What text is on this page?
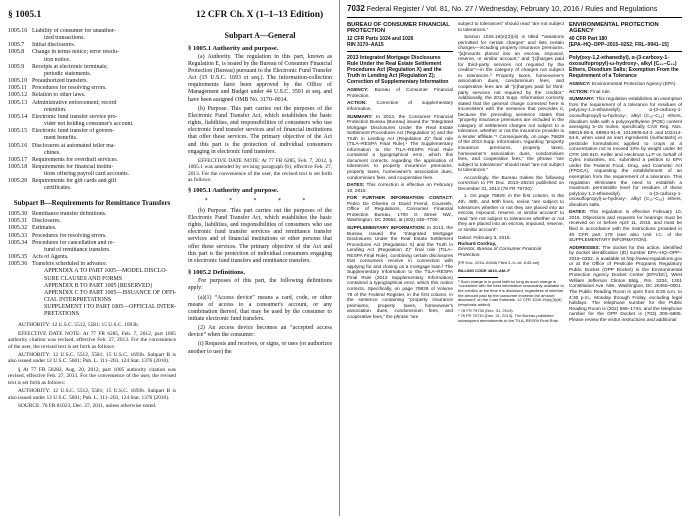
§ 1005.1	12 CFR Ch. X (1–1–13 Edition)
1005.16 Liability of consumer for unauthor-
ized transactions.
1005.7	Initial disclosures.
1005.8	Change in terms notice; error resolu-
tion notice.
1005.9	Receipts at electronic terminals;
periodic statements.
1005.10 Preauthorized transfers.
1005.11 Procedures for resolving errors.
1005.12 Relation to other laws.
1005.13 Administrative enforcement; record
retention.
1005.14 Electronic fund transfer service pro-
vider not holding consumer's account.
1005.15 Electronic fund transfer of govern-
ment benefits.
1005.16 Disclosures at automated teller ma-
chines.
1005.17 Requirements for overdraft services.
1005.18 Requirements for financial institu-
tions offering payroll card accounts.
1005.20 Requirements for gift cards and gift
certificates.
Subpart B—Requirements for Remittance Transfers
1005.30 Remittance transfer definitions.
1005.31 Disclosures.
1005.32 Estimates.
1005.33 Procedures for resolving errors.
1005.34 Procedures for cancellation and re-
fund of remittance transfers.
1005.35 Acts of Agents.
1005.36 Transfers scheduled in advance.
APPENDIX A TO PART 1005—MODEL DISCLO-
SURE CLAUSES AND FORMS
APPENDIX B TO PART 1005 [RESERVED]
APPENDIX C TO PART 1005—ISSUANCE OF OFFI-
CIAL INTERPRETATIONS
SUPPLEMENT I TO PART 1005—OFFICIAL INTER-
PRETATIONS

AUTHORITY: 12 U.S.C. 5512, 5581; 15 U.S.C. 1693b.

EFFECTIVE DATE NOTE: At 77 FR 6285, Feb. 7, 2012, part 1005 authority citation was revised, effective Feb. 27, 2013. For the convenience of the user, the revised text is set forth as follows:

AUTHORITY: 12 U.S.C. 5512, 5581; 15 U.S.C. 1693b. Subpart B is also issued under 12 U.S.C. 5601; Pub. L. 111–203, 124 Stat. 1376 (2010).

§ At 77 FR 50282, Aug. 20, 2012, part 1005 authority citation was revised, effective Feb. 27, 2013. For the convenience of the user, the revised text is set forth as follows:

AUTHORITY: 12 U.S.C. 5512, 5581; 15 U.S.C. 1693b. Subpart B is also issued under 12 U.S.C. 5601; Pub. L. 111–203, 124 Stat. 1376 (2010).

SOURCE: 76 FR 81023, Dec. 27, 2011, unless otherwise noted.

Subpart A—General
§ 1005.1 Authority and purpose.

(a) Authority. The regulation in this part, known as Regulation E, is issued by the Bureau of Consumer Financial Protection (Bureau) pursuant to the Electronic Fund Transfer Act (15 U.S.C. 1693 et seq.). The information-collection requirements have been approved by the Office of Management and Budget under 44 U.S.C. 3501 et seq. and have been assigned OMB No. 3170–0014.

(b) Purpose. This part carries out the purposes of the Electronic Fund Transfer Act, which establishes the basic rights, liabilities, and responsibilities of consumers who use electronic fund transfer services and of financial institutions that offer these services. The primary objective of the Act and this part is the protection of individual consumers engaging in electronic fund transfers.

EFFECTIVE DATE NOTE: At 77 FR 6285, Feb. 7, 2012, § 1005.1 was amended by revising paragraph (b), effective Feb. 27, 2013. For the convenience of the user, the revised text is set forth as follows:

§ 1005.1 Authority and purpose.
* * * * *

(b) Purpose. This part carries out the purposes of the Electronic Fund Transfer Act, which establishes the basic rights, liabilities, and responsibilities of consumers who use electronic fund transfer services and remittance transfer services and of financial institutions or other persons that offer these services. The primary objective of the Act and this part is the protection of individual consumers engaging in electronic fund transfers and remittance transfers.

§ 1005.2 Definitions.

For purposes of this part, the following definitions apply:

(a)(1) “Access device” means a card, code, or other means of access to a consumer's account, or any combination thereof, that may be used by the consumer to initiate electronic fund transfers.

(2) An access device becomes an “accepted access device” when the consumer:

(i) Requests and receives, or signs, or uses (or authorizes another to use) the

7032 Federal Register / Vol. 81, No. 27 / Wednesday, February 10, 2016 / Rules and Regulations
BUREAU OF CONSUMER FINANCIAL PROTECTION
12 CFR Parts 1024 and 1026
RIN 3170–AA15
2013 Integrated Mortgage Disclosures Rule Under the Real Estate Settlement Procedures Act (Regulation X) and the Truth in Lending Act (Regulation Z); Correction of Supplementary Information

AGENCY: Bureau of Consumer Financial Protection.

ACTION: Correction of supplementary information.

SUMMARY: In 2013, the Consumer Financial Protection Bureau (Bureau) issued the “Integrated Mortgage Disclosures Under the Real Estate Settlement Procedures Act (Regulation X) and the Truth in Lending Act (Regulation Z)” final rule (TILA–RESPA Final Rule).¹ The Supplementary Information to the TILA–RESPA Final Rule contained a typographical error, which this document corrects, regarding the application of tolerances to property insurance premiums, property taxes, homeowner's association dues, condominium fees, and cooperative fees.

DATES: This correction is effective on February 10, 2016.

FOR FURTHER INFORMATION CONTACT: Pedro De Oliveira or David Friend, Counsels, Office of Regulations, Consumer Financial Protection Bureau, 1700 G Street NW., Washington, DC 20552, at (202) 435–7700.

SUPPLEMENTARY INFORMATION: In 2013, the Bureau issued the “Integrated Mortgage Disclosures Under the Real Estate Settlement Procedures Act (Regulation X) and the Truth in Lending Act (Regulation Z)” final rule (TILA–RESPA Final Rule), combining certain disclosures that consumers receive in connection with applying for and closing on a mortgage loan.² The Supplementary Information to the TILA–RESPA Final Rule (2013 Supplementary Information) contained a typographical error, which this notice corrects. Specifically, on page 79829 of Volume 78 of the Federal Register, in the first column, in the sentence containing “property insurance premiums, property taxes, homeowner's association dues, condominium fees, and cooperative fees,” the phrase “are

subject to tolerances” should read “are not subject to tolerances.”

Section 1026.19(e)(3)(iii) is titled “Variations permitted for certain charges” and lists certain charges—including property insurance premiums, “[a]mounts placed into an escrow, impound, reserve, or similar account,” and “[c]harges paid for third-party services not required by the creditor”—in the category of charges not subject to tolerances.³ Property taxes, homeowner's association dues, condominium fees, and cooperative fees are all “[c]harges paid for third-party services not required by the creditor.” Additionally, the 2013 Supp. Information correctly stated that the general charge corrected here is inconsistent with the sentence that precedes it, because the preceding sentence states that “property insurance premiums are included in the category of settlement charges not subject to a tolerance, whether or not the insurance provider is a lender affiliate.”⁴ Consequently, on page 79829 of the 2013 Supp. Information, regarding “property insurance premiums, property taxes, homeowner's association dues, condominium fees, and cooperative fees,” the phrase “are subject to tolerances” should read “are not subject to tolerances.”

Accordingly, the Bureau makes the following correction to FR Doc. 2013–28210 published on December 31, 2013 (78 FR 79730):

1. On page 79829, in the first column, in the 4th, 49th, and 50th lines, revise “are subject to tolerances whether or not they are placed into an escrow, impound, reserve, or similar account” to read “are not subject to tolerances whether or not they are placed into an escrow, impound, reserve, or similar account”.

Dated: February 3, 2016.
Richard Cordray,
Director, Bureau of Consumer Financial Protection.
[FR Doc. 2016–02606 Filed 2–9–16; 8:45 am]
BILLING CODE 4810–AM–P

³ Such charge is in good faith so long as such charge is “consistent with the best information reasonably available to the creditor at the time it is disclosed, regardless of whether the amount paid by the consumer exceeds the amount disclosed” on the Loan Estimate. 12 CFR 1026.19(e)(3)(iii) (emphasis added).

⁴ 78 FR 79730 (Dec. 31, 2013).

² 78 FR 79730 (Dec. 31, 2013). The Bureau published subsequent amendments to the TILA–RESPA Final Rule.

ENVIRONMENTAL PROTECTION AGENCY
40 CFR Part 180
[EPA–HQ–OPP–2015–0252; FRL–9941–15]
Poly(oxy-1,2-ethanediyl), α-(3-carboxy-1-oxosulfopropyl)-ω-hydroxy-, alkyl (C₁₀–C₁₆) Ethers, Disodium Salts; Exemption From the Requirement of a Tolerance

AGENCY: Environmental Protection Agency (EPA).

ACTION: Final rule.

SUMMARY: This regulation establishes an exemption from the requirement of a tolerance for residues of poly(oxy-1,2-ethanediyl), α-(3-carboxy-1-oxosulfopropyl)-ω-hydroxy-, alkyl (C₁₀–C₁₆) ethers, disodium salts with a polyoxyethylene (POE) content averaging 5–15 moles, specifically CAS Reg. Nos. 68815-56-5, 68954-91-6, 1013906-64-3, and 102414-54-6, when used as inert ingredients (surfactants) in pesticide formulations applied to crops at a concentration not to exceed 10% by weight under 40 CFR 180.910. Keller and Heckman LLP on behalf of Cytec Industries, Inc. submitted a petition to EPA under the Federal Food, Drug, and Cosmetic Act (FFDCA), requesting the establishment of an exemption from the requirement of a tolerance. This regulation eliminates the need to establish a maximum permissible level for residues of these poly(oxy-1,2-ethanediyl), α-(3-carboxy-1-oxosulfopropyl)-ω-hydroxy-, alkyl (C₁₀–C₁₆) ethers, disodium salts.

DATES: This regulation is effective February 10, 2016. Objections and requests for hearings must be received on or before April 11, 2016, and must be filed in accordance with the instructions provided in 40 CFR part 178 (see also Unit I.C. of the SUPPLEMENTARY INFORMATION).

ADDRESSES: The docket for this action, identified by docket identification (ID) number EPA–HQ–OPP–2015–0252, is available at http://www.regulations.gov or at the Office of Pesticide Programs Regulatory Public Docket (OPP Docket) in the Environmental Protection Agency Docket Center (EPA/DC), West William Jefferson Clinton Bldg., Rm. 3334, 1301 Constitution Ave. NW., Washington, DC 20460–0001. The Public Reading Room is open from 8:30 a.m. to 4:30 p.m., Monday through Friday, excluding legal holidays. The telephone number for the Public Reading Room is (202) 566–1744, and the telephone number for the OPP Docket is (703) 305–5805. Please review the visitor instructions and additional
